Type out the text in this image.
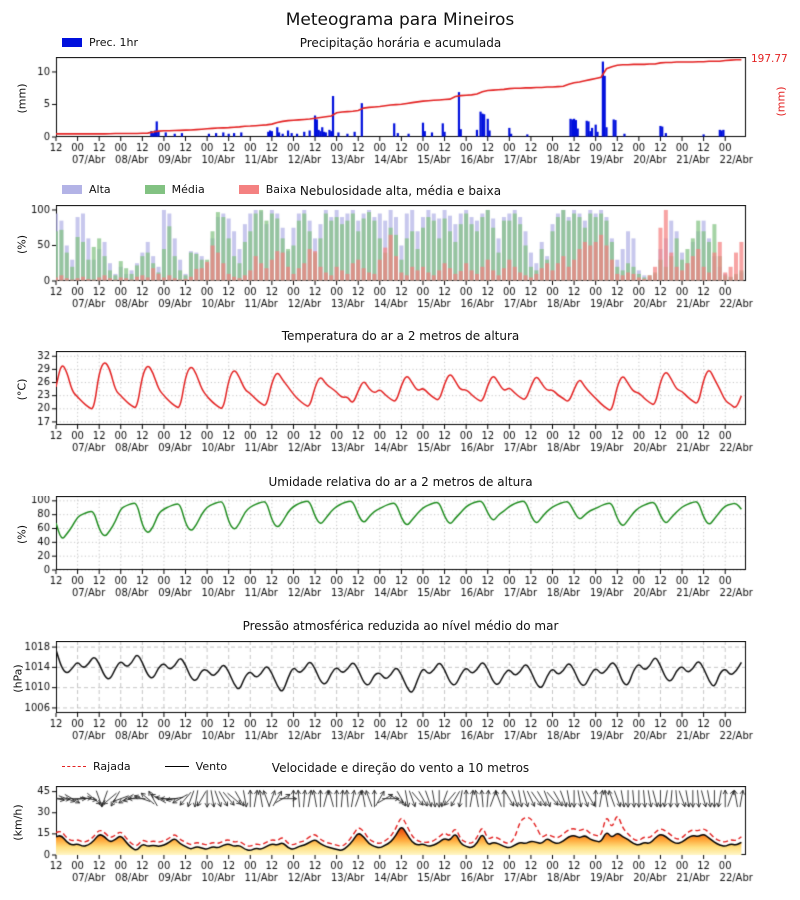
Meteograma para Mineiros
Prec. 1hr	Precipitação horária e acumulada
Alta	Média	Baixa Nebulosidade alta, média e baixa
Temperatura do ar a 2 metros de altura
Umidade relativa do ar a 2 metros de altura
Pressão atmosférica reduzida ao nível médio do mar
Rajada	Vento	Velocidade e direção do vento a 10 metros
